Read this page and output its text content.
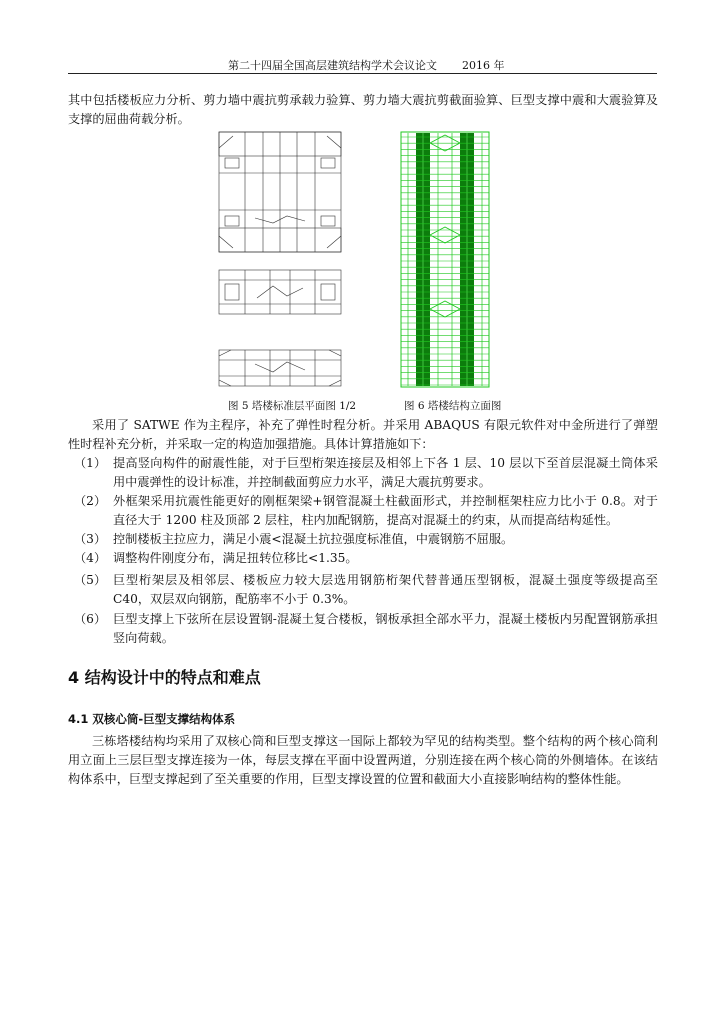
第二十四届全国高层建筑结构学术会议论文 2016 年

其中包括楼板应力分析、剪力墙中震抗剪承载力验算、剪力墙大震抗剪截面验算、巨型支撑中震和大震验算及支撑的屈曲荷载分析。

图 5 塔楼标准层平面图 1/2	图 6 塔楼结构立面图

采用了 SATWE 作为主程序，补充了弹性时程分析。并采用 ABAQUS 有限元软件对中金所进行了弹塑性时程补充分析，并采取一定的构造加强措施。具体计算措施如下：

（1） 提高竖向构件的耐震性能，对于巨型桁架连接层及相邻上下各 1 层、10 层以下至首层混凝土筒体采用中震弹性的设计标准，并控制截面剪应力水平，满足大震抗剪要求。
（2） 外框架采用抗震性能更好的刚框架梁+钢管混凝土柱截面形式，并控制框架柱应力比小于 0.8。对于直径大于 1200 柱及顶部 2 层柱，柱内加配钢筋，提高对混凝土的约束，从而提高结构延性。
（3） 控制楼板主拉应力，满足小震<混凝土抗拉强度标准值，中震钢筋不屈服。
（4） 调整构件刚度分布，满足扭转位移比<1.35。
（5） 巨型桁架层及相邻层、楼板应力较大层选用钢筋桁架代替普通压型钢板，混凝土强度等级提高至 C40，双层双向钢筋，配筋率不小于 0.3%。
（6） 巨型支撑上下弦所在层设置钢-混凝土复合楼板，钢板承担全部水平力，混凝土楼板内另配置钢筋承担竖向荷载。
4 结构设计中的特点和难点
4.1 双核心筒-巨型支撑结构体系

三栋塔楼结构均采用了双核心筒和巨型支撑这一国际上都较为罕见的结构类型。整个结构的两个核心筒利用立面上三层巨型支撑连接为一体，每层支撑在平面中设置两道，分别连接在两个核心筒的外侧墙体。在该结构体系中，巨型支撑起到了至关重要的作用，巨型支撑设置的位置和截面大小直接影响结构的整体性能。
